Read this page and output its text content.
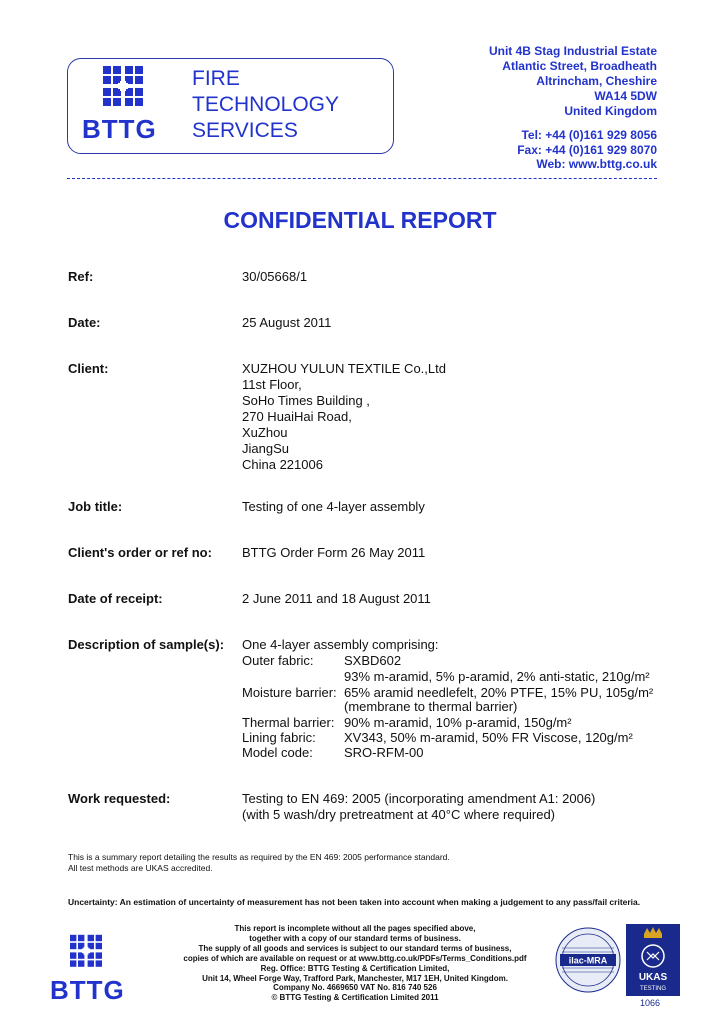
BTTG
FIRE
TECHNOLOGY
SERVICES
Unit 4B Stag Industrial Estate
Atlantic Street, Broadheath
Altrincham, Cheshire
WA14 5DW
United Kingdom
Tel: +44 (0)161 929 8056
Fax: +44 (0)161 929 8070
Web: www.bttg.co.uk
CONFIDENTIAL REPORT
Ref:	30/05668/1
Date:	25 August 2011
Client:	XUZHOU YULUN TEXTILE Co.,Ltd
11st Floor,
SoHo Times Building ,
270 HuaiHai Road,
XuZhou
JiangSu
China 221006
Job title:	Testing of one 4-layer assembly
Client's order or ref no: BTTG Order Form 26 May 2011
Date of receipt:	2 June 2011 and 18 August 2011
Description of sample(s): One 4-layer assembly comprising:
Outer fabric: SXBD602
93% m-aramid, 5% p-aramid, 2% anti-static, 210g/m²
Moisture barrier: 65% aramid needlefelt, 20% PTFE, 15% PU, 105g/m²
(membrane to thermal barrier)
Thermal barrier: 90% m-aramid, 10% p-aramid, 150g/m²
Lining fabric: XV343, 50% m-aramid, 50% FR Viscose, 120g/m²
Model code: SRO-RFM-00
Work requested:	Testing to EN 469: 2005 (incorporating amendment A1: 2006)
(with 5 wash/dry pretreatment at 40°C where required)
This is a summary report detailing the results as required by the EN 469: 2005 performance standard.
All test methods are UKAS accredited.
Uncertainty: An estimation of uncertainty of measurement has not been taken into account when making a judgement to any pass/fail criteria.
BTTG
This report is incomplete without all the pages specified above,
together with a copy of our standard terms of business.
The supply of all goods and services is subject to our standard terms of business,
copies of which are available on request or at www.bttg.co.uk/PDFs/Terms_Conditions.pdf
Reg. Office: BTTG Testing & Certification Limited,
Unit 14, Wheel Forge Way, Trafford Park, Manchester, M17 1EH, United Kingdom.
Company No. 4669650 VAT No. 816 740 526
© BTTG Testing & Certification Limited 2011
ilac-MRA
UKAS
TESTING
1066
